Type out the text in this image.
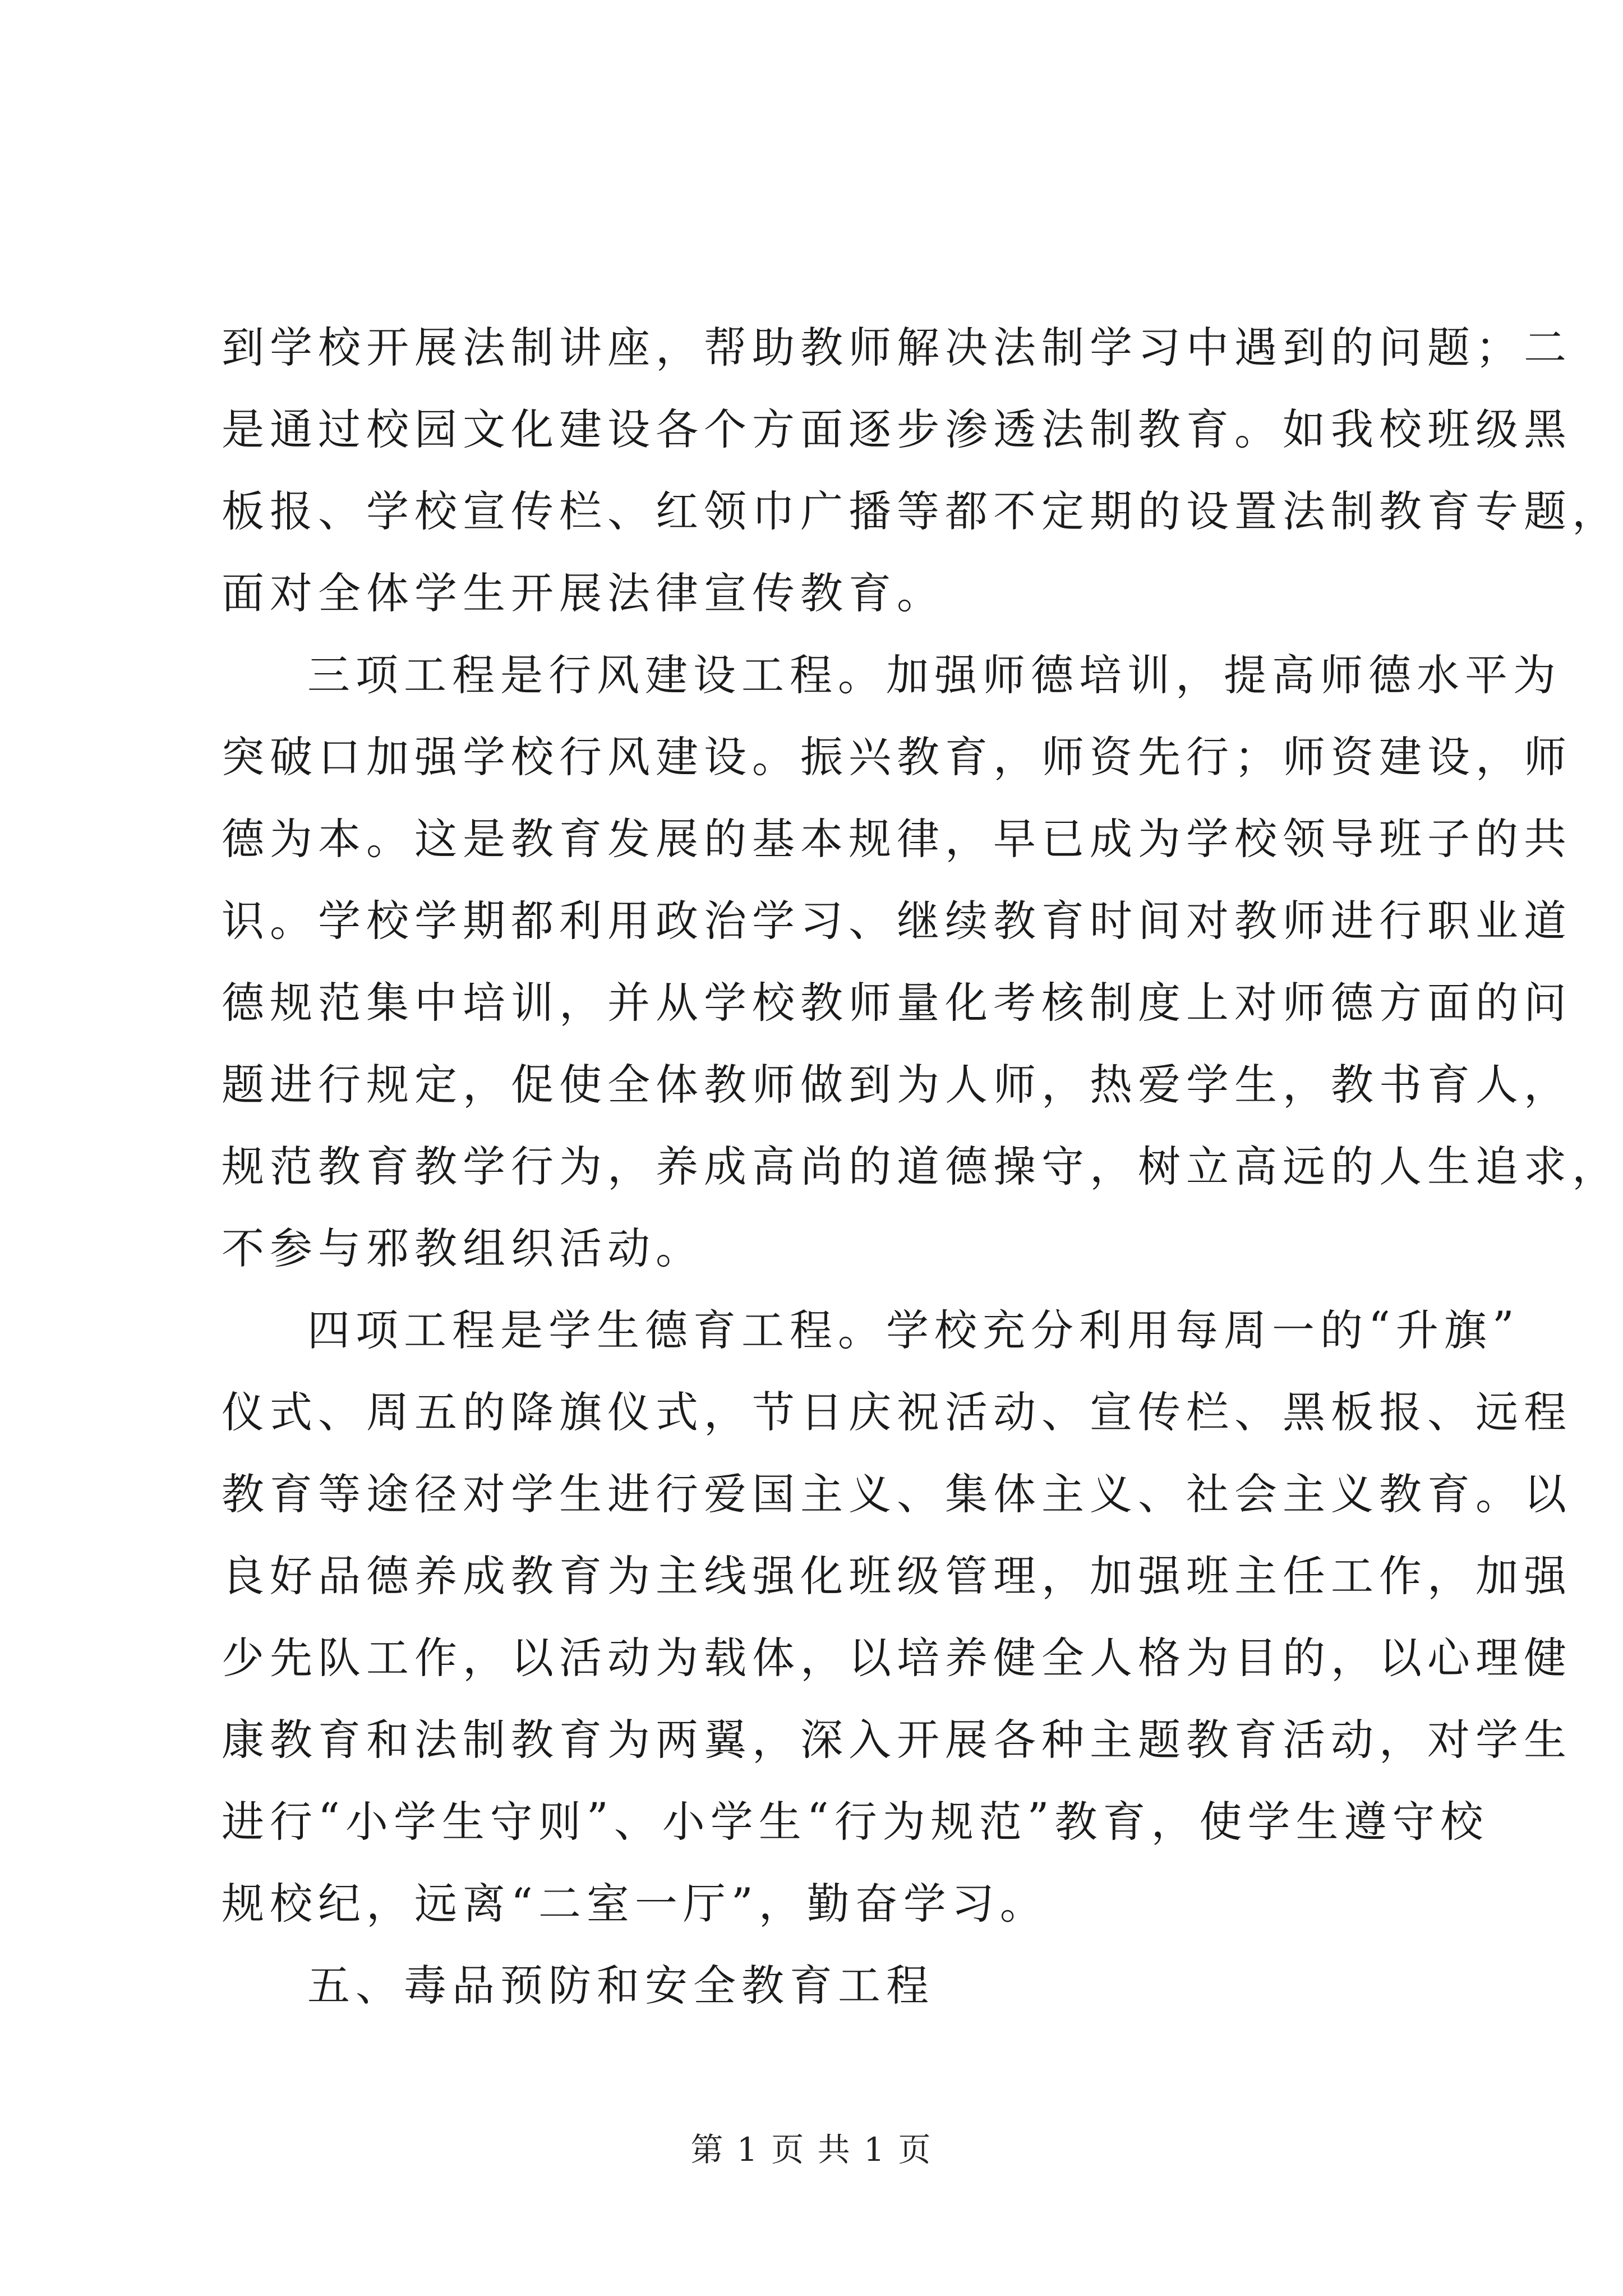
到 学 校 开 展 法 制 讲 座 ， 帮 助 教 师 解 决 法 制 学 习 中 遇 到 的 问 题 ； 二
是 通 过 校 园 文 化 建 设 各 个 方 面 逐 步 渗 透 法 制 教 育 。 如 我 校 班 级 黑
板 报 、 学 校 宣 传 栏 、 红 领 巾 广 播 等 都 不 定 期 的 设 置 法 制 教 育 专 题 ，
面对全体学生开展法律宣传教育。
三 项 工 程 是 行 风 建 设 工 程 。 加 强 师 德 培 训 ， 提 高 师 德 水 平 为
突 破 口 加 强 学 校 行 风 建 设 。 振 兴 教 育 ， 师 资 先 行 ； 师 资 建 设 ， 师
德 为 本 。 这 是 教 育 发 展 的 基 本 规 律 ， 早 已 成 为 学 校 领 导 班 子 的 共
识 。 学 校 学 期 都 利 用 政 治 学 习 、 继 续 教 育 时 间 对 教 师 进 行 职 业 道
德 规 范 集 中 培 训 ， 并 从 学 校 教 师 量 化 考 核 制 度 上 对 师 德 方 面 的 问
题 进 行 规 定 ， 促 使 全 体 教 师 做 到 为 人 师 ， 热 爱 学 生 ， 教 书 育 人 ，
规 范 教 育 教 学 行 为 ， 养 成 高 尚 的 道 德 操 守 ， 树 立 高 远 的 人 生 追 求 ，
不参与邪教组织活动。
四 项 工 程 是 学 生 德 育 工 程 。 学 校 充 分 利 用 每 周 一 的 “ 升 旗 ”
仪 式 、 周 五 的 降 旗 仪 式 ， 节 日 庆 祝 活 动 、 宣 传 栏 、 黑 板 报 、 远 程
教 育 等 途 径 对 学 生 进 行 爱 国 主 义 、 集 体 主 义 、 社 会 主 义 教 育 。 以
良 好 品 德 养 成 教 育 为 主 线 强 化 班 级 管 理 ， 加 强 班 主 任 工 作 ， 加 强
少 先 队 工 作 ， 以 活 动 为 载 体 ， 以 培 养 健 全 人 格 为 目 的 ， 以 心 理 健
康 教 育 和 法 制 教 育 为 两 翼 ， 深 入 开 展 各 种 主 题 教 育 活 动 ， 对 学 生
进 行 “ 小 学 生 守 则 ” 、 小 学 生 “ 行 为 规 范 ” 教 育 ， 使 学 生 遵 守 校
规校纪，远离“二室一厅”，勤奋学习。
五、毒品预防和安全教育工程
第 1 页 共 1 页
